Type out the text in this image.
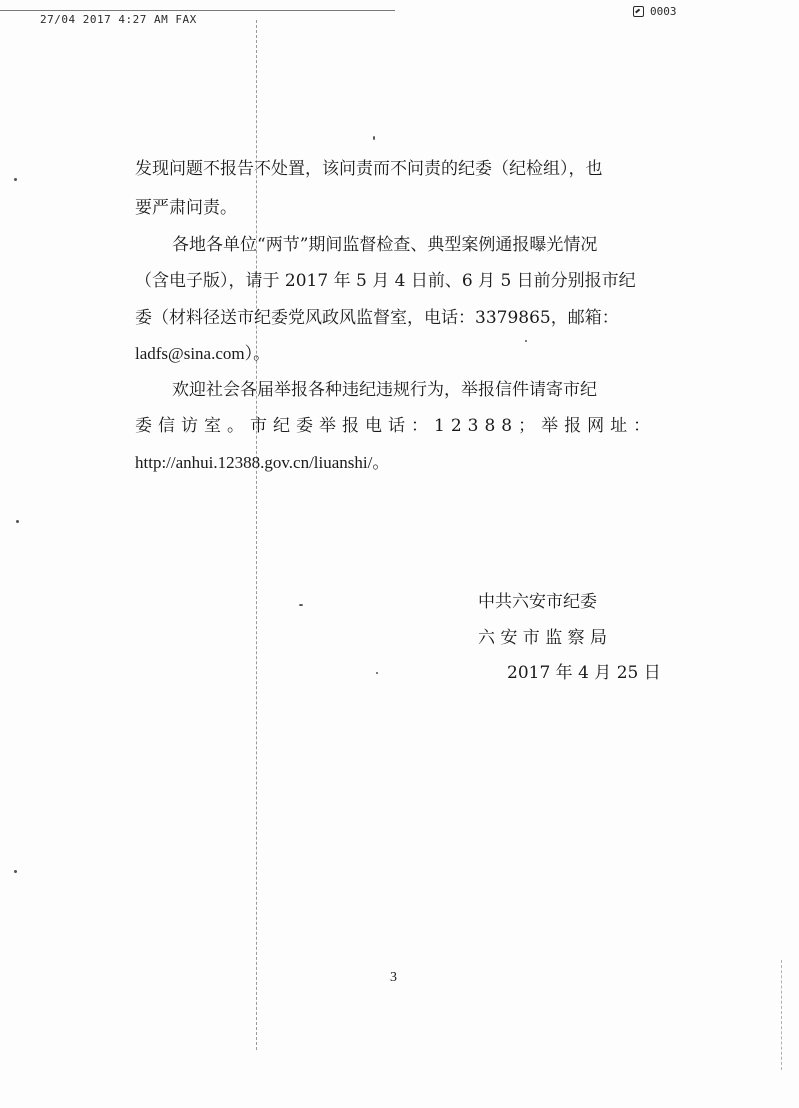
27/04 2017 4:27 AM FAX
0003
发现问题不报告不处置，该问责而不问责的纪委（纪检组），也
要严肃问责。
各地各单位“两节”期间监督检查、典型案例通报曝光情况
（含电子版），请于 2017 年 5 月 4 日前、6 月 5 日前分别报市纪
委（材料径送市纪委党风政风监督室，电话：3379865，邮箱：
ladfs@sina.com）。
欢迎社会各届举报各种违纪违规行为，举报信件请寄市纪
委信访室。市纪委举报电话：12388；举报网址：
http://anhui.12388.gov.cn/liuanshi/。
中共六安市纪委
六 安 市 监 察 局
2017 年 4 月 25 日
3
